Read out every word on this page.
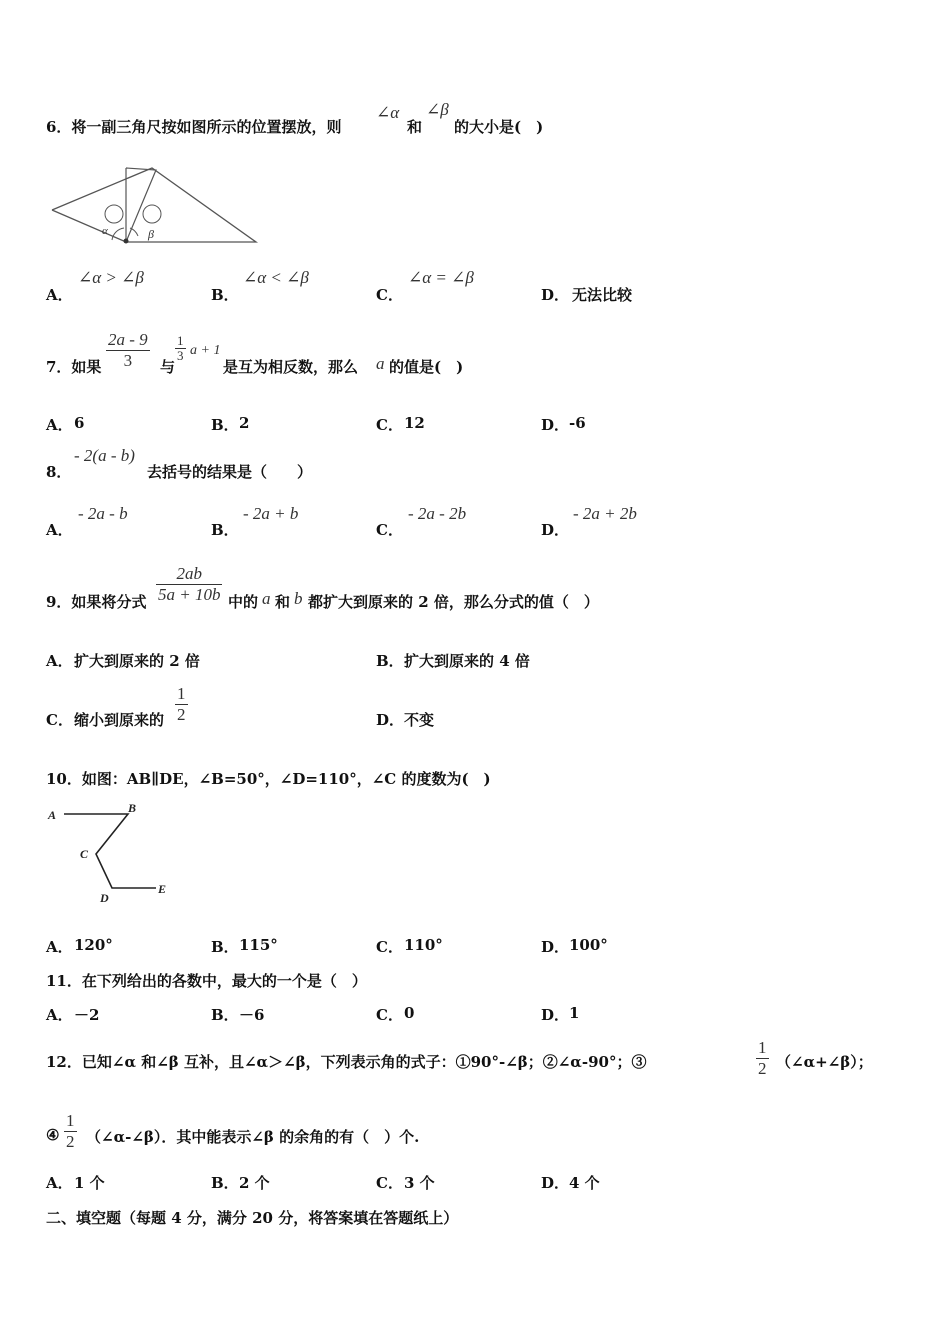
6．将一副三角尺按如图所示的位置摆放，则
∠α
和
∠β
的大小是(　)
α	β
A．
∠α > ∠β
B．
∠α < ∠β
C．
∠α = ∠β
D． 无法比较
7．如果
2a - 9
3 与
1
3 a + 1
是互为相反数，那么 a 的值是(　)
A． 6	B． 2	C． 12	D． -6
8．
- 2(a - b)
去括号的结果是（　　）
A．
- 2a - b
B．
- 2a + b
C．
- 2a - 2b
D．
- 2a + 2b
9．如果将分式
2ab
5a + 10b 中的 a 和 b 都扩大到原来的 2 倍，那么分式的值（　）
A． 扩大到原来的 2 倍	B． 扩大到原来的 4 倍
C． 缩小到原来的
1
2	D． 不变
10．如图：AB∥DE，∠B=50°，∠D=110°，∠C 的度数为(　)
A	B
C
D
E
A． 120°	B． 115°	C． 110°	D． 100°
11．在下列给出的各数中，最大的一个是（　）
A． －2	B． －6	C． 0	D． 1
12．已知∠α 和∠β 互补，且∠α＞∠β，下列表示角的式子：①90°-∠β；②∠α-90°；③
1
2 （∠α+∠β）；
④
1
2 （∠α-∠β）．其中能表示∠β 的余角的有（　）个.
A． 1 个	B． 2 个	C． 3 个	D． 4 个
二、填空题（每题 4 分，满分 20 分，将答案填在答题纸上）
